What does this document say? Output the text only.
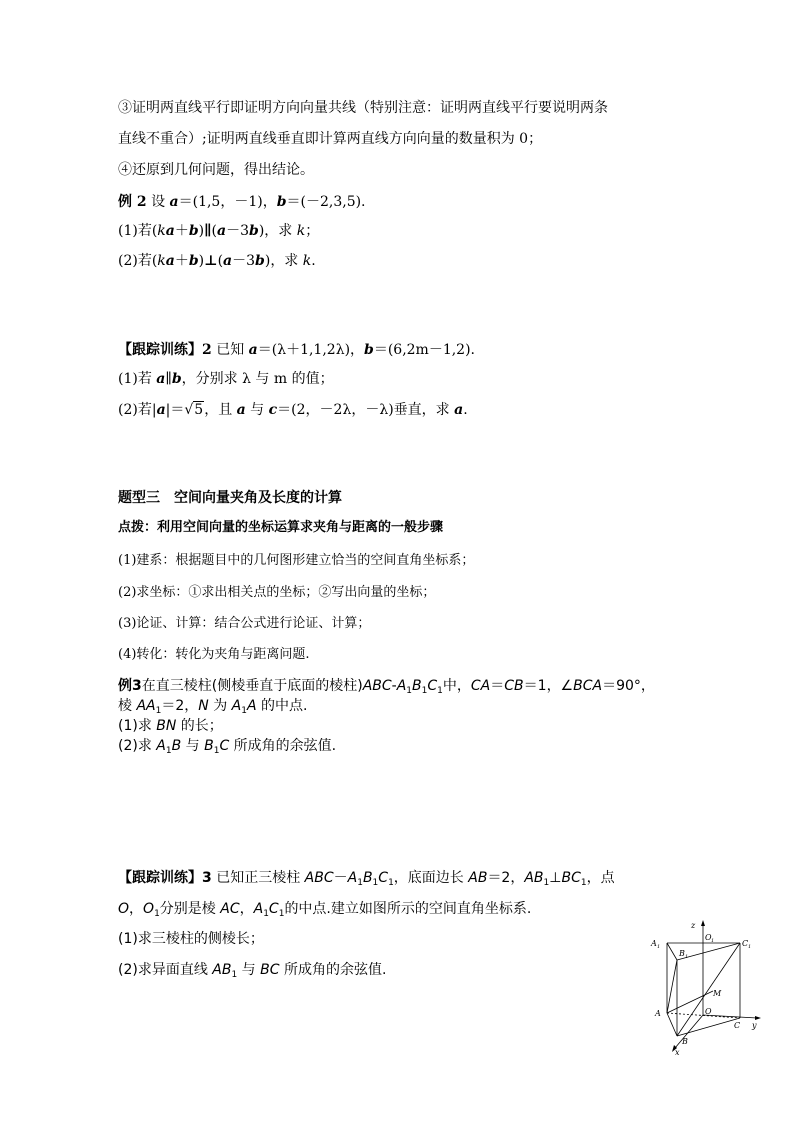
③证明两直线平行即证明方向向量共线（特别注意：证明两直线平行要说明两条
直线不重合）;证明两直线垂直即计算两直线方向向量的数量积为 0；
④还原到几何问题，得出结论。
例 2 设 a＝(1,5，－1)，b＝(－2,3,5).
(1)若(ka＋b)∥(a－3b)，求 k；
(2)若(ka＋b)⊥(a－3b)，求 k.
【跟踪训练】2 已知 a＝(λ＋1,1,2λ)，b＝(6,2m－1,2).
(1)若 a∥b，分别求 λ 与 m 的值；
(2)若|a|＝√5，且 a 与 c＝(2，－2λ，－λ)垂直，求 a.
题型三　空间向量夹角及长度的计算
点拨：利用空间向量的坐标运算求夹角与距离的一般步骤
(1)建系：根据题目中的几何图形建立恰当的空间直角坐标系；
(2)求坐标：①求出相关点的坐标；②写出向量的坐标；
(3)论证、计算：结合公式进行论证、计算；
(4)转化：转化为夹角与距离问题.
例3在直三棱柱(侧棱垂直于底面的棱柱)$ABC-A_1B_1C_1$中，CA＝CB＝1，∠BCA＝90°，
棱 $AA_1=2$，N 为 $A_1A$ 的中点.
(1)求 BN 的长；
(2)求 $A_1B$ 与 $B_1C$ 所成角的余弦值.
【跟踪训练】3 已知正三棱柱 $ABC-A_1B_1C_1$，底面边长 AB＝2，$AB_1\perp BC_1$，点
O，$O_1$分别是棱 AC，$A_1C_1$的中点.建立如图所示的空间直角坐标系.
(1)求三棱柱的侧棱长；
(2)求异面直线 $AB_1$ 与 BC 所成角的余弦值.
z
O 1
A 1
B 1
C 1
M
O
A
C y
B
x
